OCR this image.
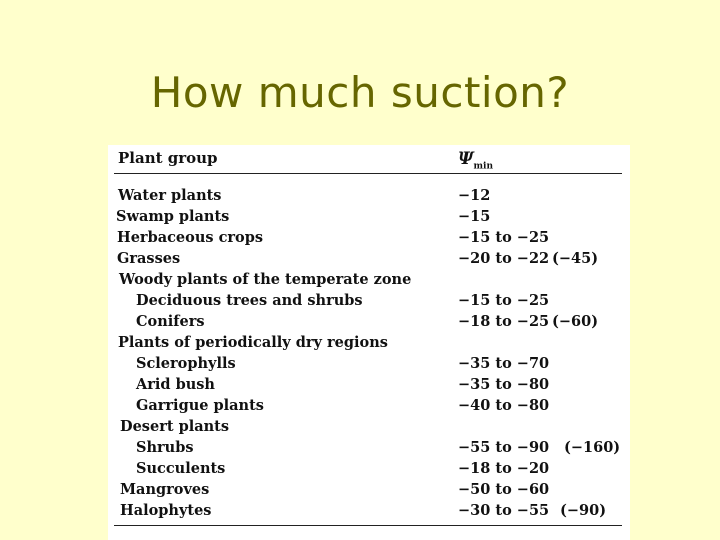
How much suction?
Plant group	$\Psi_{min}$
Water plants	−12
Swamp plants	−15
Herbaceous crops	−15 to −25
Grasses	−20 to −22 (−45)
Woody plants of the temperate zone
Deciduous trees and shrubs	−15 to −25
Conifers	−18 to −25 (−60)
Plants of periodically dry regions
Sclerophylls	−35 to −70
Arid bush	−35 to −80
Garrigue plants	−40 to −80
Desert plants
Shrubs	−55 to −90 (−160)
Succulents	−18 to −20
Mangroves	−50 to −60
Halophytes	−30 to −55 (−90)
